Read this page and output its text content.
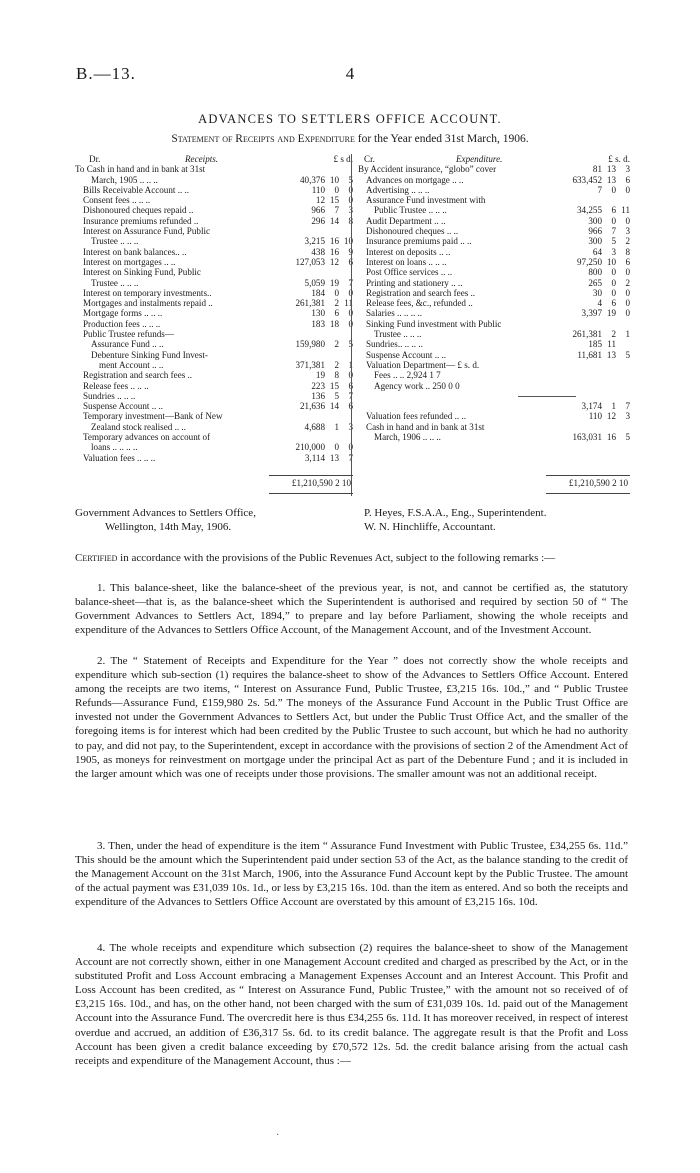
B.—13.	4
ADVANCES TO SETTLERS OFFICE ACCOUNT.
Statement of Receipts and Expenditure for the Year ended 31st March, 1906.
Dr.	Receipts.	£ s d.
To Cash in hand and in bank at 31st
March, 1905 .. .. ..	40,376 10 5
Bills Receivable Account .. ..	110 0 0
Consent fees .. .. ..	12 15 0
Dishonoured cheques repaid ..	966 7 3
Insurance premiums refunded ..	296 14 8
Interest on Assurance Fund, Public
Trustee .. .. ..	3,215 16 10
Interest on bank balances.. ..	438 16 9
Interest on mortgages .. ..	127,053 12 6
Interest on Sinking Fund, Public
Trustee .. .. ..	5,059 19 7
Interest on temporary investments..	184 0 0
Mortgages and instalments repaid ..	261,381 2 11
Mortgage forms .. .. ..	130 6 0
Production fees .. .. ..	183 18 0
Public Trustee refunds—
Assurance Fund .. ..	159,980 2 5
Debenture Sinking Fund Invest-
ment Account .. ..	371,381 2 1
Registration and search fees ..	19 8 0
Release fees .. .. ..	223 15 6
Sundries .. .. ..	136 5 7
Suspense Account .. ..	21,636 14 6
Temporary investment—Bank of New
Zealand stock realised .. ..	4,688 1 3
Temporary advances on account of
loans .. .. .. ..	210,000 0 0
Valuation fees .. .. ..	3,114 13 7
Cr.	Expenditure.	£ s. d.
By Accident insurance, “globo” cover	81 13 3
Advances on mortgage .. ..	633,452 13 6
Advertising .. .. ..	7 0 0
Assurance Fund investment with
Public Trustee .. .. ..	34,255 6 11
Audit Department .. ..	300 0 0
Dishonoured cheques .. ..	966 7 3
Insurance premiums paid .. ..	300 5 2
Interest on deposits .. ..	64 3 8
Interest on loans .. .. ..	97,250 10 6
Post Office services .. ..	800 0 0
Printing and stationery .. ..	265 0 2
Registration and search fees ..	30 0 0
Release fees, &c., refunded ..	4 6 0
Salaries .. .. .. ..	3,397 19 0
Sinking Fund investment with Public
Trustee .. .. ..	261,381 2 1
Sundries.. .. .. ..	185 11
Suspense Account .. ..	11,681 13 5
Valuation Department— £ s. d.
Fees .. .. 2,924 1 7
Agency work .. 250 0 0
3,174 1 7
Valuation fees refunded .. ..	110 12 3
Cash in hand and in bank at 31st
March, 1906 .. .. ..	163,031 16 5
£1,210,590 2 10	£1,210,590 2 10
Government Advances to Settlers Office,
Wellington, 14th May, 1906.
P. Heyes, F.S.A.A., Eng., Superintendent.
W. N. Hinchliffe, Accountant.
Certified in accordance with the provisions of the Public Revenues Act, subject to the following remarks :—

1. This balance-sheet, like the balance-sheet of the previous year, is not, and cannot be certified as, the statutory balance-sheet—that is, as the balance-sheet which the Superintendent is authorised and required by section 50 of “ The Government Advances to Settlers Act, 1894,” to prepare and lay before Parliament, showing the whole receipts and expenditure of the Advances to Settlers Office Account, of the Management Account, and of the Investment Account.

2. The “ Statement of Receipts and Expenditure for the Year ” does not correctly show the whole receipts and expenditure which sub-section (1) requires the balance-sheet to show of the Advances to Settlers Office Account. Entered among the receipts are two items, “ Interest on Assurance Fund, Public Trustee, £3,215 16s. 10d.,” and “ Public Trustee Refunds—Assurance Fund, £159,980 2s. 5d.” The moneys of the Assurance Fund Account in the Public Trust Office are invested not under the Government Advances to Settlers Act, but under the Public Trust Office Act, and the smaller of the foregoing items is for interest which had been credited by the Public Trustee to such account, but which he had no authority to pay, and did not pay, to the Superintendent, except in accordance with the provisions of section 2 of the Amendment Act of 1905, as moneys for reinvestment on mortgage under the principal Act as part of the Debenture Fund ; and it is included in the larger amount which was one of receipts under those provisions. The smaller amount was not an additional receipt.

3. Then, under the head of expenditure is the item “ Assurance Fund Investment with Public Trustee, £34,255 6s. 11d.” This should be the amount which the Superintendent paid under section 53 of the Act, as the balance standing to the credit of the Management Account on the 31st March, 1906, into the Assurance Fund Account kept by the Public Trustee. The amount of the actual payment was £31,039 10s. 1d., or less by £3,215 16s. 10d. than the item as entered. And so both the receipts and expenditure of the Advances to Settlers Office Account are overstated by this amount of £3,215 16s. 10d.

4. The whole receipts and expenditure which subsection (2) requires the balance-sheet to show of the Management Account are not correctly shown, either in one Management Account credited and charged as prescribed by the Act, or in the substituted Profit and Loss Account embracing a Management Expenses Account and an Interest Account. This Profit and Loss Account has been credited, as “ Interest on Assurance Fund, Public Trustee,” with the amount not so received of of £3,215 16s. 10d., and has, on the other hand, not been charged with the sum of £31,039 10s. 1d. paid out of the Management Account into the Assurance Fund. The overcredit here is thus £34,255 6s. 11d. It has moreover received, in respect of interest overdue and accrued, an addition of £36,317 5s. 6d. to its credit balance. The aggregate result is that the Profit and Loss Account has been given a credit balance exceeding by £70,572 12s. 5d. the credit balance arising from the actual cash receipts and expenditure of the Management Account, thus :—

·
